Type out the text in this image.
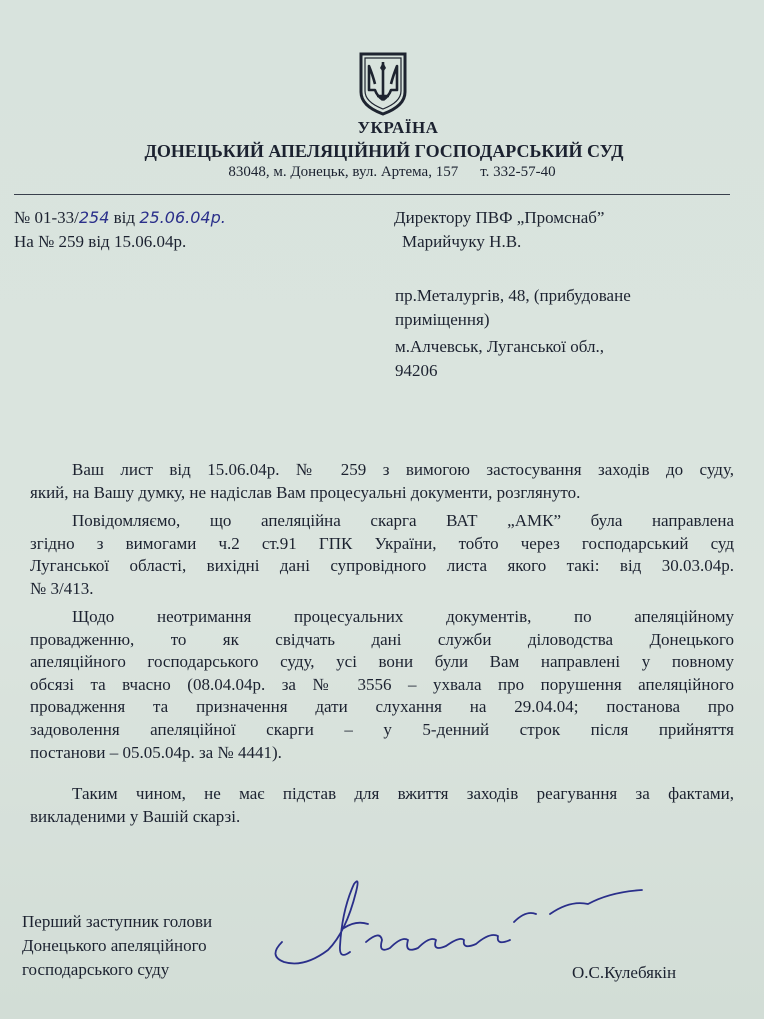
УКРАЇНА
ДОНЕЦЬКИЙ АПЕЛЯЦІЙНИЙ ГОСПОДАРСЬКИЙ СУД
83048, м. Донецьк, вул. Артема, 157 т. 332-57-40
№ 01-33/254 від 25.06.04р.
На № 259 від 15.06.04р.
Директору ПВФ „Промснаб”
Марийчуку Н.В.
пр.Металургів, 48, (прибудоване
приміщення)
м.Алчевськ, Луганської обл.,
94206
Ваш лист від 15.06.04р. № 259 з вимогою застосування заходів до суду,
який, на Вашу думку, не надіслав Вам процесуальні документи, розглянуто.
Повідомляємо, що апеляційна скарга ВАТ „АМК” була направлена
згідно з вимогами ч.2 ст.91 ГПК України, тобто через господарський суд
Луганської області, вихідні дані супровідного листа якого такі: від 30.03.04р.
№ 3/413.
Щодо неотримання процесуальних документів, по апеляційному
провадженню, то як свідчать дані служби діловодства Донецького
апеляційного господарського суду, усі вони були Вам направлені у повному
обсязі та вчасно (08.04.04р. за № 3556 – ухвала про порушення апеляційного
провадження та призначення дати слухання на 29.04.04; постанова про
задоволення апеляційної скарги – у 5-денний строк після прийняття
постанови – 05.05.04р. за № 4441).
Таким чином, не має підстав для вжиття заходів реагування за фактами,
викладеними у Вашій скарзі.
Перший заступник голови
Донецького апеляційного
господарського суду	О.С.Кулебякін
